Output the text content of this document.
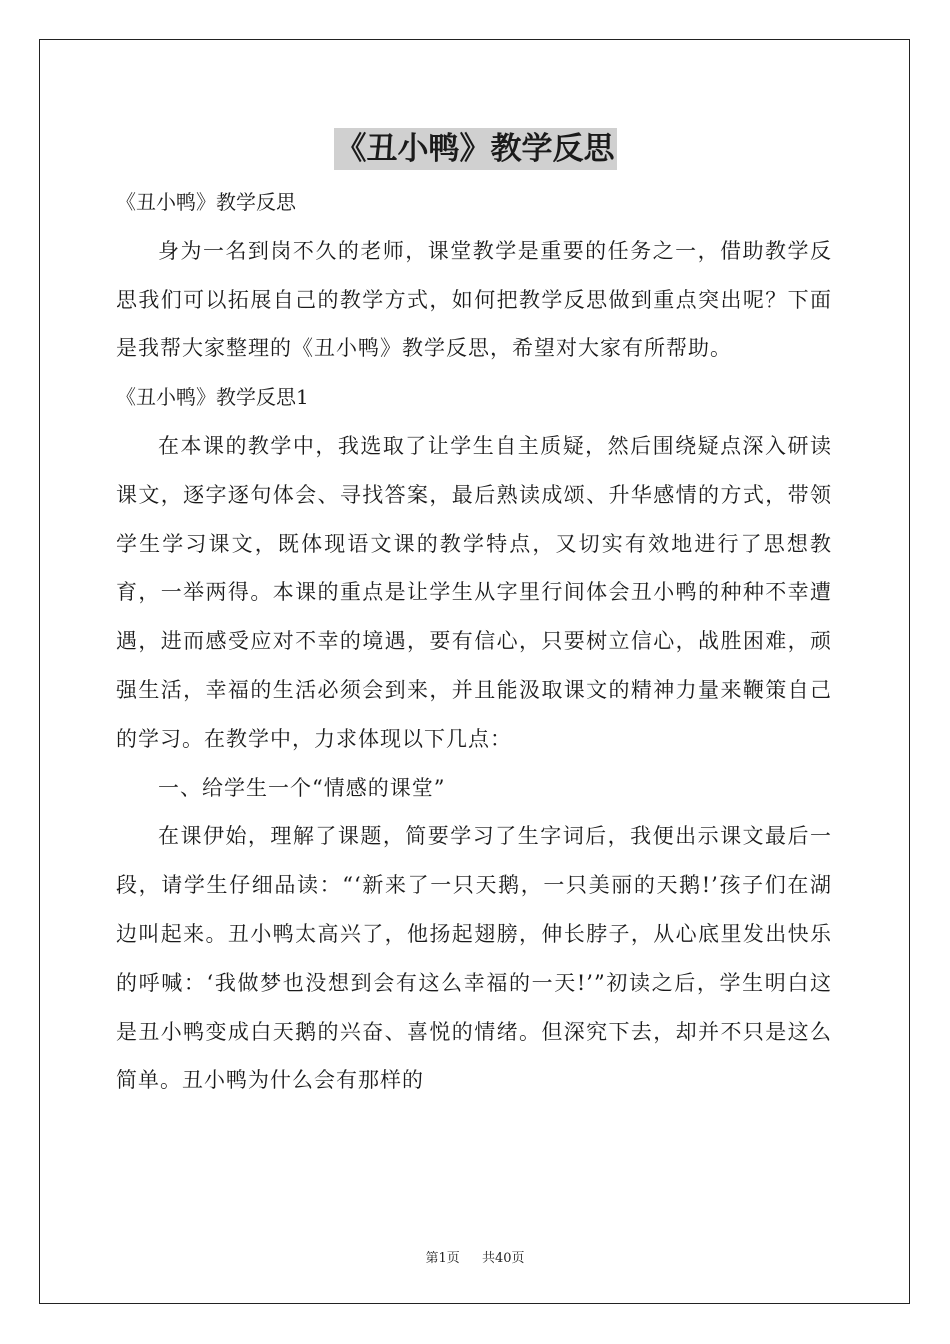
《丑小鸭》教学反思

《丑小鸭》教学反思

身为一名到岗不久的老师，课堂教学是重要的任务之一，借助教学反思我们可以拓展自己的教学方式，如何把教学反思做到重点突出呢？下面是我帮大家整理的《丑小鸭》教学反思，希望对大家有所帮助。

《丑小鸭》教学反思1

在本课的教学中，我选取了让学生自主质疑，然后围绕疑点深入研读课文，逐字逐句体会、寻找答案，最后熟读成颂、升华感情的方式，带领学生学习课文，既体现语文课的教学特点，又切实有效地进行了思想教育，一举两得。本课的重点是让学生从字里行间体会丑小鸭的种种不幸遭遇，进而感受应对不幸的境遇，要有信心，只要树立信心，战胜困难，顽强生活，幸福的生活必须会到来，并且能汲取课文的精神力量来鞭策自己的学习。在教学中，力求体现以下几点：

一、给学生一个“情感的课堂”

在课伊始，理解了课题，简要学习了生字词后，我便出示课文最后一段，请学生仔细品读：“‘新来了一只天鹅，一只美丽的天鹅!’孩子们在湖边叫起来。丑小鸭太高兴了，他扬起翅膀，伸长脖子，从心底里发出快乐的呼喊：‘我做梦也没想到会有这么幸福的一天!’”初读之后，学生明白这是丑小鸭变成白天鹅的兴奋、喜悦的情绪。但深究下去，却并不只是这么简单。丑小鸭为什么会有那样的

第1页 共40页
